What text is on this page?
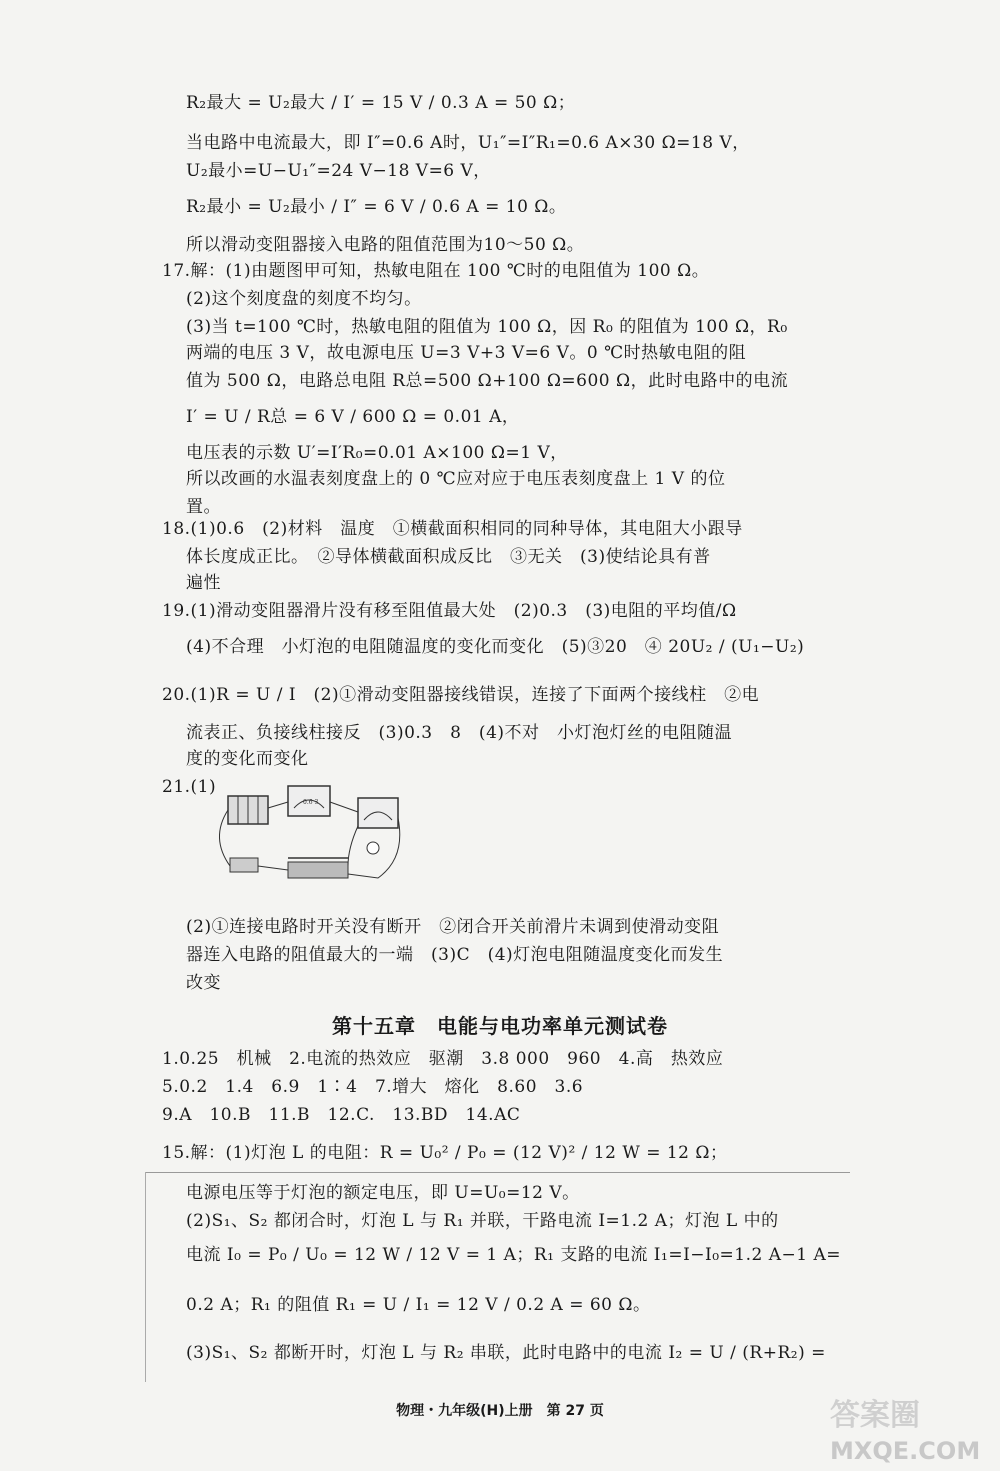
R₂最大 = U₂最大 / I′ = 15 V / 0.3 A = 50 Ω；
当电路中电流最大，即 I″=0.6 A时，U₁″=I″R₁=0.6 A×30 Ω=18 V，
U₂最小=U−U₁″=24 V−18 V=6 V，
R₂最小 = U₂最小 / I″ = 6 V / 0.6 A = 10 Ω。
所以滑动变阻器接入电路的阻值范围为10～50 Ω。
17.解：(1)由题图甲可知，热敏电阻在 100 ℃时的电阻值为 100 Ω。
(2)这个刻度盘的刻度不均匀。
(3)当 t=100 ℃时，热敏电阻的阻值为 100 Ω，因 R₀ 的阻值为 100 Ω，R₀
两端的电压 3 V，故电源电压 U=3 V+3 V=6 V。0 ℃时热敏电阻的阻
值为 500 Ω，电路总电阻 R总=500 Ω+100 Ω=600 Ω，此时电路中的电流
I′ = U / R总 = 6 V / 600 Ω = 0.01 A，
电压表的示数 U′=I′R₀=0.01 A×100 Ω=1 V，
所以改画的水温表刻度盘上的 0 ℃应对应于电压表刻度盘上 1 V 的位
置。
18.(1)0.6　(2)材料　温度　①横截面积相同的同种导体，其电阻大小跟导
体长度成正比。　②导体横截面积成反比　③无关　(3)使结论具有普
遍性
19.(1)滑动变阻器滑片没有移至阻值最大处　(2)0.3　(3)电阻的平均值/Ω
(4)不合理　小灯泡的电阻随温度的变化而变化　(5)③20　④ 20U₂ / (U₁−U₂)
20.(1)R = U / I　(2)①滑动变阻器接线错误，连接了下面两个接线柱　②电
流表正、负接线柱接反　(3)0.3　8　(4)不对　小灯泡灯丝的电阻随温
度的变化而变化
21.(1)
0.6 3
(2)①连接电路时开关没有断开　②闭合开关前滑片未调到使滑动变阻
器连入电路的阻值最大的一端　(3)C　(4)灯泡电阻随温度变化而发生
改变
第十五章　电能与电功率单元测试卷
1.0.25　机械　2.电流的热效应　驱潮　3.8 000　960　4.高　热效应
5.0.2　1.4　6.9　1∶4　7.增大　熔化　8.60　3.6
9.A　10.B　11.B　12.C.　13.BD　14.AC
15.解：(1)灯泡 L 的电阻：R = U₀² / P₀ = (12 V)² / 12 W = 12 Ω；
电源电压等于灯泡的额定电压，即 U=U₀=12 V。
(2)S₁、S₂ 都闭合时，灯泡 L 与 R₁ 并联，干路电流 I=1.2 A；灯泡 L 中的
电流 I₀ = P₀ / U₀ = 12 W / 12 V = 1 A；R₁ 支路的电流 I₁=I−I₀=1.2 A−1 A=
0.2 A；R₁ 的阻值 R₁ = U / I₁ = 12 V / 0.2 A = 60 Ω。
(3)S₁、S₂ 都断开时，灯泡 L 与 R₂ 串联，此时电路中的电流 I₂ = U / (R+R₂) =
物理・九年级(H)上册　第 27 页	答案圈
MXQE.COM
